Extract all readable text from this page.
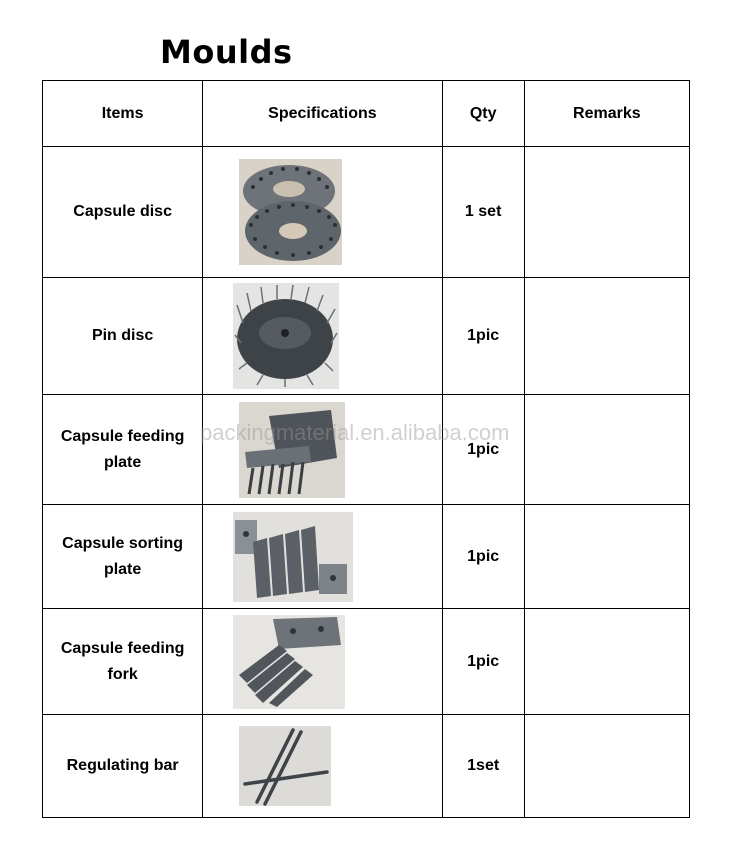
Moulds
Items	Specifications	Qty	Remarks
Capsule disc		1 set	
Pin disc		1pic	
Capsule feeding plate		1pic	
Capsule sorting plate		1pic	
Capsule feeding fork		1pic	
Regulating bar		1set	
packingmaterial.en.alibaba.com
